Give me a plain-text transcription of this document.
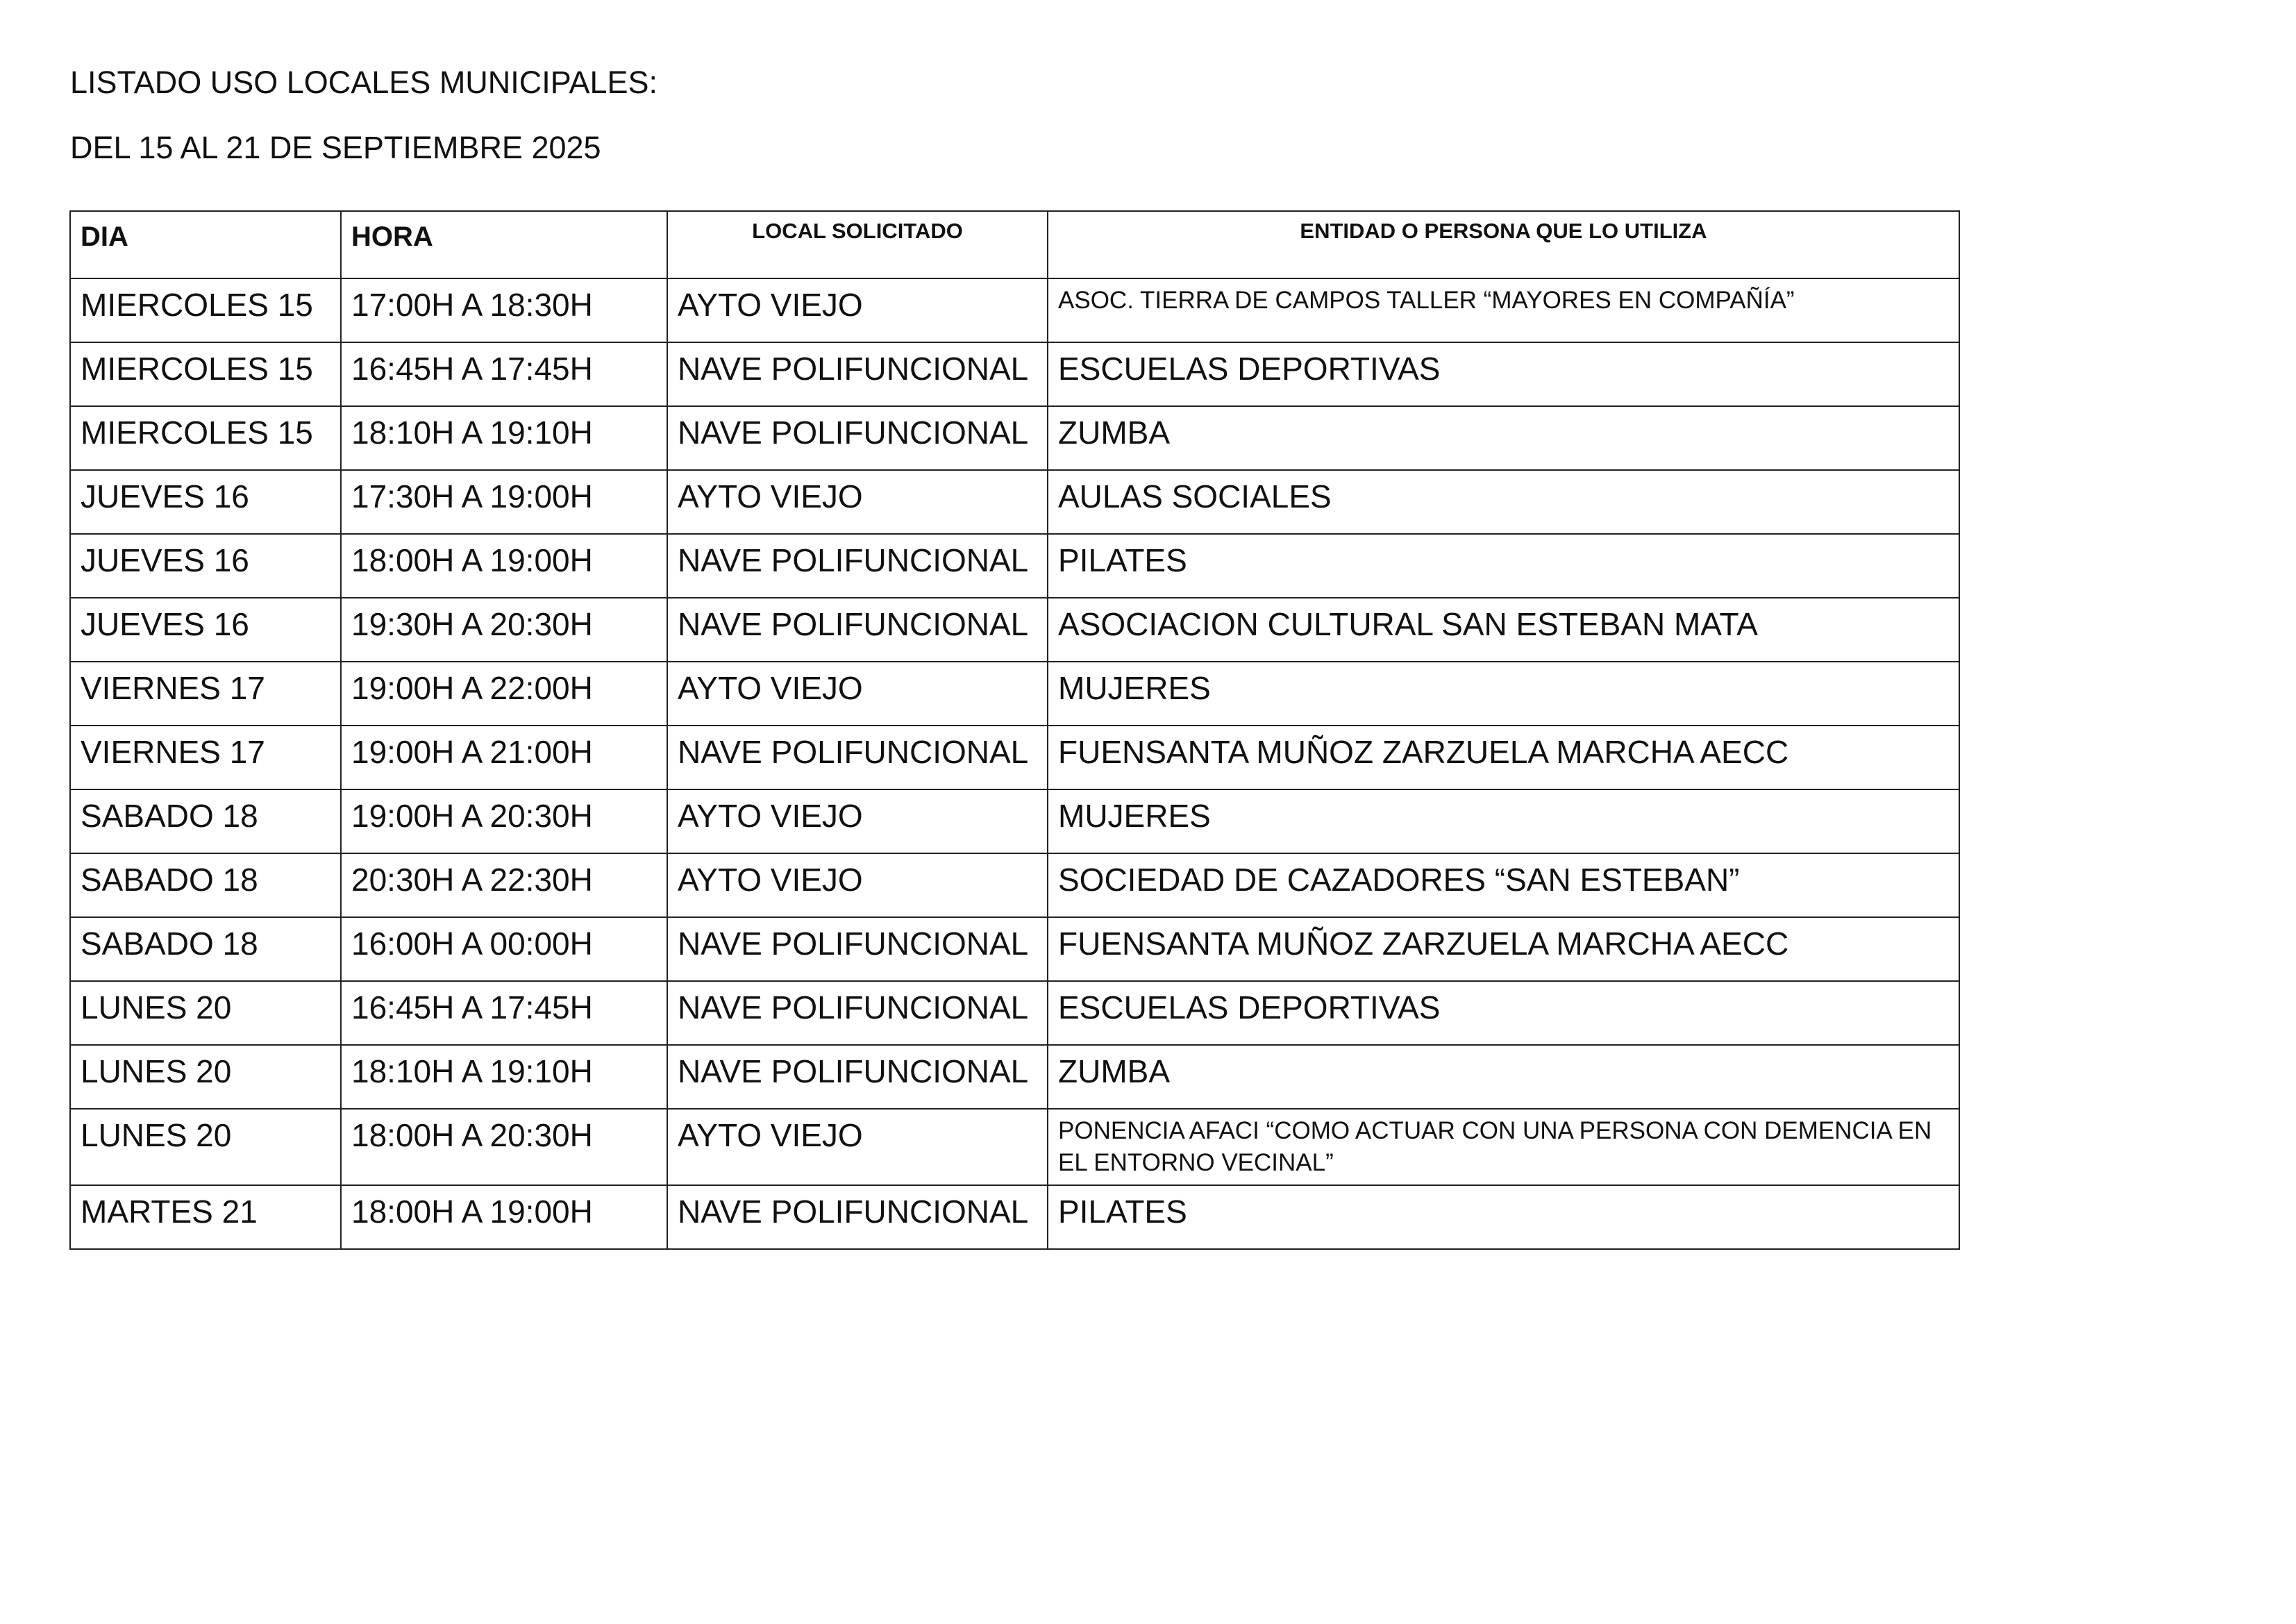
LISTADO USO LOCALES MUNICIPALES:
DEL 15 AL 21 DE SEPTIEMBRE 2025
DIA	HORA	LOCAL SOLICITADO	ENTIDAD O PERSONA QUE LO UTILIZA
MIERCOLES 15	17:00H A 18:30H	AYTO VIEJO	ASOC. TIERRA DE CAMPOS TALLER “MAYORES EN COMPAÑÍA”
MIERCOLES 15	16:45H A 17:45H	NAVE POLIFUNCIONAL	ESCUELAS DEPORTIVAS
MIERCOLES 15	18:10H A 19:10H	NAVE POLIFUNCIONAL	ZUMBA
JUEVES 16	17:30H A 19:00H	AYTO VIEJO	AULAS SOCIALES
JUEVES 16	18:00H A 19:00H	NAVE POLIFUNCIONAL	PILATES
JUEVES 16	19:30H A 20:30H	NAVE POLIFUNCIONAL	ASOCIACION CULTURAL SAN ESTEBAN MATA
VIERNES 17	19:00H A 22:00H	AYTO VIEJO	MUJERES
VIERNES 17	19:00H A 21:00H	NAVE POLIFUNCIONAL	FUENSANTA MUÑOZ ZARZUELA MARCHA AECC
SABADO 18	19:00H A 20:30H	AYTO VIEJO	MUJERES
SABADO 18	20:30H A 22:30H	AYTO VIEJO	SOCIEDAD DE CAZADORES “SAN ESTEBAN”
SABADO 18	16:00H A 00:00H	NAVE POLIFUNCIONAL	FUENSANTA MUÑOZ ZARZUELA MARCHA AECC
LUNES 20	16:45H A 17:45H	NAVE POLIFUNCIONAL	ESCUELAS DEPORTIVAS
LUNES 20	18:10H A 19:10H	NAVE POLIFUNCIONAL	ZUMBA
LUNES 20	18:00H A 20:30H	AYTO VIEJO	PONENCIA AFACI “COMO ACTUAR CON UNA PERSONA CON DEMENCIA EN EL ENTORNO VECINAL”
MARTES 21	18:00H A 19:00H	NAVE POLIFUNCIONAL	PILATES
